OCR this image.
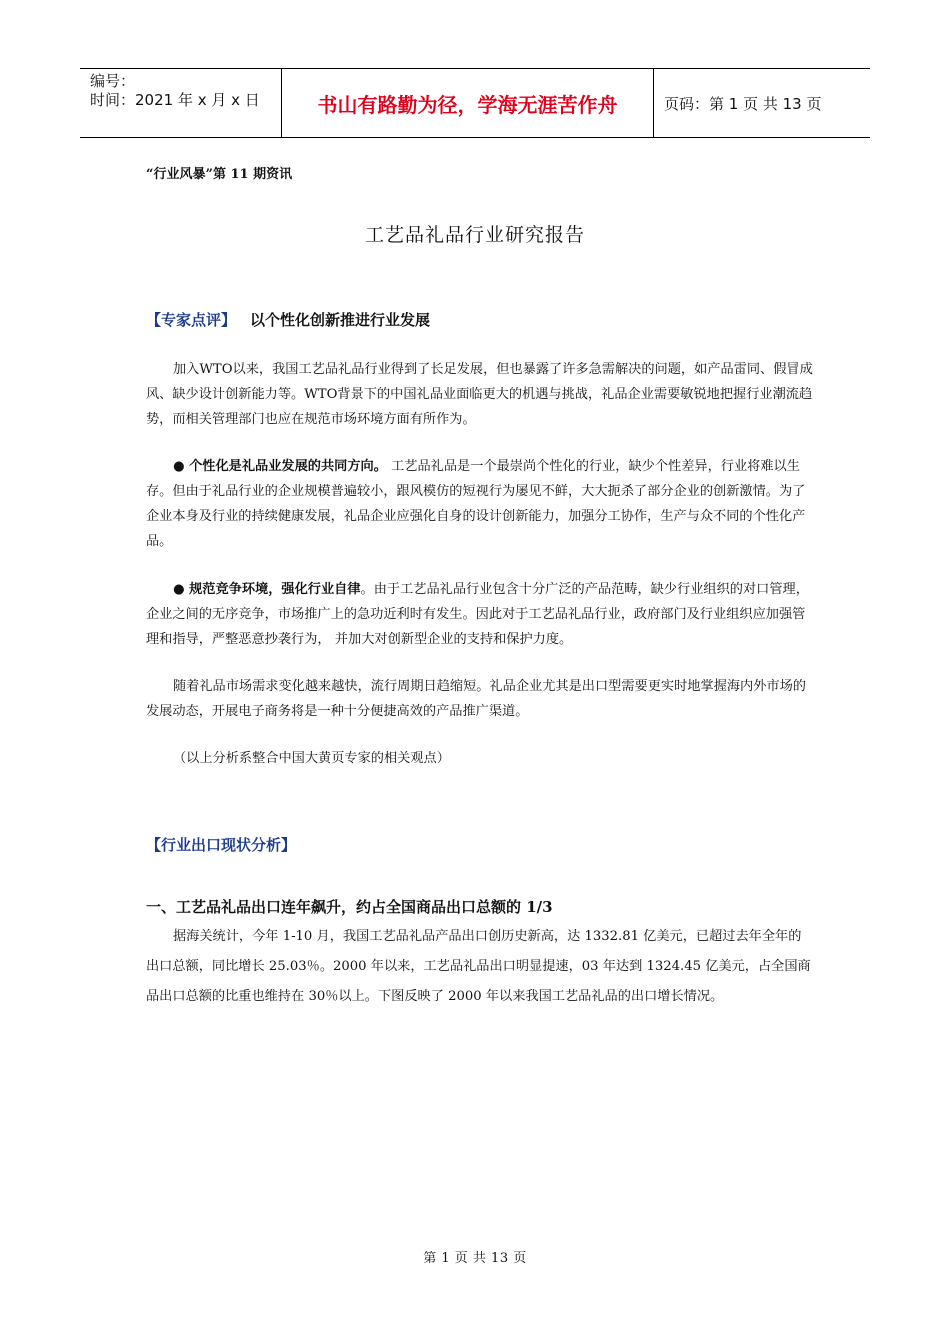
编号：
时间：2021 年 x 月 x 日	书山有路勤为径，学海无涯苦作舟	页码：第 1 页 共 13 页
“行业风暴”第 11 期资讯
工艺品礼品行业研究报告
【专家点评】 以个性化创新推进行业发展

加入WTO以来，我国工艺品礼品行业得到了长足发展，但也暴露了许多急需解决的问题，如产品雷同、假冒成风、缺少设计创新能力等。WTO背景下的中国礼品业面临更大的机遇与挑战，礼品企业需要敏锐地把握行业潮流趋势，而相关管理部门也应在规范市场环境方面有所作为。

● 个性化是礼品业发展的共同方向。 工艺品礼品是一个最崇尚个性化的行业，缺少个性差异，行业将难以生存。但由于礼品行业的企业规模普遍较小，跟风模仿的短视行为屡见不鲜，大大扼杀了部分企业的创新激情。为了企业本身及行业的持续健康发展，礼品企业应强化自身的设计创新能力，加强分工协作，生产与众不同的个性化产品。

● 规范竞争环境，强化行业自律。由于工艺品礼品行业包含十分广泛的产品范畴，缺少行业组织的对口管理，企业之间的无序竞争，市场推广上的急功近利时有发生。因此对于工艺品礼品行业，政府部门及行业组织应加强管理和指导，严整恶意抄袭行为， 并加大对创新型企业的支持和保护力度。

随着礼品市场需求变化越来越快，流行周期日趋缩短。礼品企业尤其是出口型需要更实时地掌握海内外市场的发展动态，开展电子商务将是一种十分便捷高效的产品推广渠道。

（以上分析系整合中国大黄页专家的相关观点）

【行业出口现状分析】
一、工艺品礼品出口连年飙升，约占全国商品出口总额的 1/3

据海关统计，今年 1-10 月，我国工艺品礼品产品出口创历史新高，达 1332.81 亿美元，已超过去年全年的出口总额，同比增长 25.03％。2000 年以来，工艺品礼品出口明显提速，03 年达到 1324.45 亿美元，占全国商品出口总额的比重也维持在 30％以上。下图反映了 2000 年以来我国工艺品礼品的出口增长情况。

第 1 页 共 13 页
